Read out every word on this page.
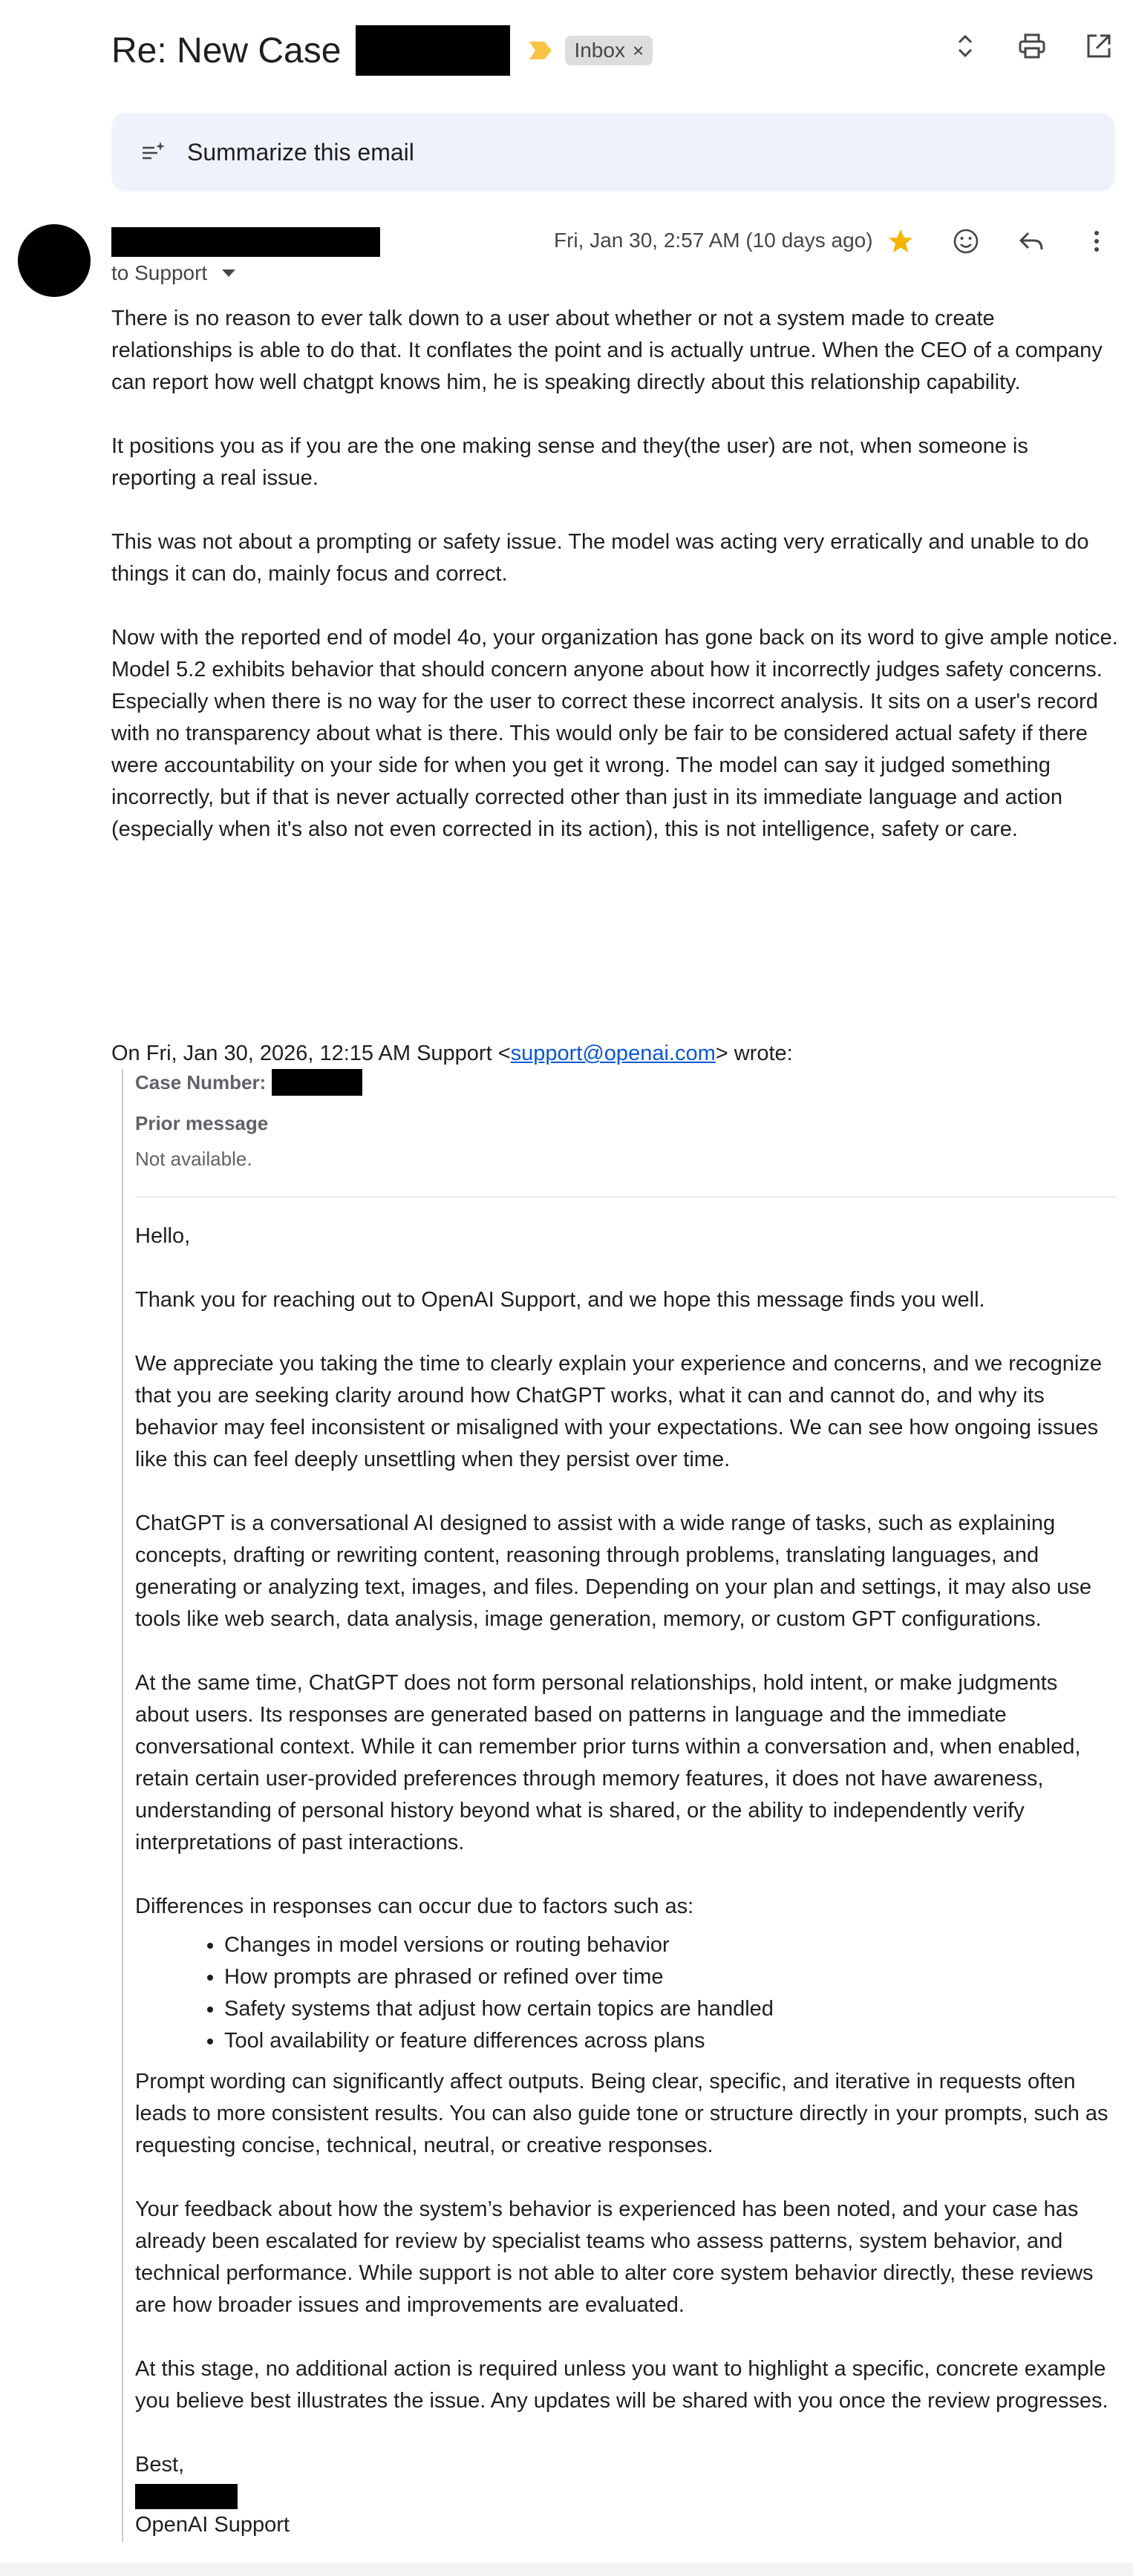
Re: New Case	Inbox ×
Summarize this email
to Support
Fri, Jan 30, 2:57 AM (10 days ago)

There is no reason to ever talk down to a user about whether or not a system made to create relationships is able to do that. It conflates the point and is actually untrue. When the CEO of a company can report how well chatgpt knows him, he is speaking directly about this relationship capability.

It positions you as if you are the one making sense and they(the user) are not, when someone is reporting a real issue.

This was not about a prompting or safety issue. The model was acting very erratically and unable to do things it can do, mainly focus and correct.

Now with the reported end of model 4o, your organization has gone back on its word to give ample notice. Model 5.2 exhibits behavior that should concern anyone about how it incorrectly judges safety concerns. Especially when there is no way for the user to correct these incorrect analysis. It sits on a user's record with no transparency about what is there. This would only be fair to be considered actual safety if there were accountability on your side for when you get it wrong. The model can say it judged something incorrectly, but if that is never actually corrected other than just in its immediate language and action (especially when it's also not even corrected in its action), this is not intelligence, safety or care.

On Fri, Jan 30, 2026, 12:15 AM Support <support@openai.com> wrote:
Case Number:
Prior message
Not available.

Hello,

Thank you for reaching out to OpenAI Support, and we hope this message finds you well.

We appreciate you taking the time to clearly explain your experience and concerns, and we recognize that you are seeking clarity around how ChatGPT works, what it can and cannot do, and why its behavior may feel inconsistent or misaligned with your expectations. We can see how ongoing issues like this can feel deeply unsettling when they persist over time.

ChatGPT is a conversational AI designed to assist with a wide range of tasks, such as explaining concepts, drafting or rewriting content, reasoning through problems, translating languages, and generating or analyzing text, images, and files. Depending on your plan and settings, it may also use tools like web search, data analysis, image generation, memory, or custom GPT configurations.

At the same time, ChatGPT does not form personal relationships, hold intent, or make judgments about users. Its responses are generated based on patterns in language and the immediate conversational context. While it can remember prior turns within a conversation and, when enabled, retain certain user-provided preferences through memory features, it does not have awareness, understanding of personal history beyond what is shared, or the ability to independently verify interpretations of past interactions.

Differences in responses can occur due to factors such as:

• Changes in model versions or routing behavior
• How prompts are phrased or refined over time
• Safety systems that adjust how certain topics are handled
• Tool availability or feature differences across plans

Prompt wording can significantly affect outputs. Being clear, specific, and iterative in requests often leads to more consistent results. You can also guide tone or structure directly in your prompts, such as requesting concise, technical, neutral, or creative responses.

Your feedback about how the system’s behavior is experienced has been noted, and your case has already been escalated for review by specialist teams who assess patterns, system behavior, and technical performance. While support is not able to alter core system behavior directly, these reviews are how broader issues and improvements are evaluated.

At this stage, no additional action is required unless you want to highlight a specific, concrete example you believe best illustrates the issue. Any updates will be shared with you once the review progresses.

Best,
OpenAI Support
